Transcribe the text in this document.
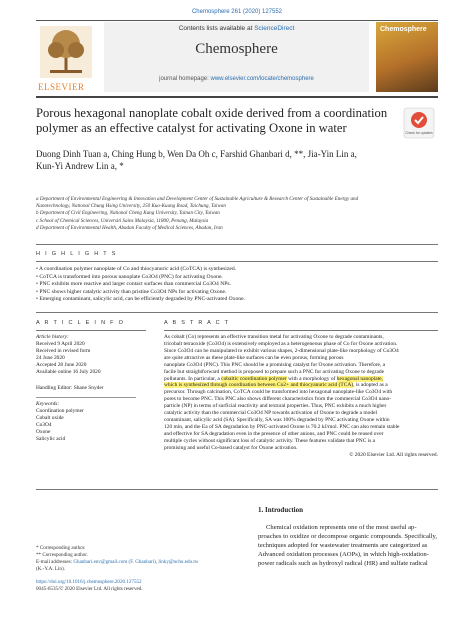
Chemosphere 261 (2020) 127552
ELSEVIER
Contents lists available at ScienceDirect
Chemosphere
journal homepage: www.elsevier.com/locate/chemosphere
Chemosphere
Porous hexagonal nanoplate cobalt oxide derived from a coordination
polymer as an effective catalyst for activating Oxone in water	Check for updates
Duong Dinh Tuan a, Ching Hung b, Wen Da Oh c, Farshid Ghanbari d, **, Jia-Yin Lin a,
Kun-Yi Andrew Lin a, *
a Department of Environmental Engineering & Innovation and Development Center of Sustainable Agriculture & Research Center of Sustainable Energy and
Nanotechnology, National Chung Hsing University, 250 Kuo-Kuang Road, Taichung, Taiwan
b Department of Civil Engineering, National Cheng Kung University, Tainan City, Taiwan
c School of Chemical Sciences, Universiti Sains Malaysia, 11800, Penang, Malaysia
d Department of Environmental Health, Abadan Faculty of Medical Sciences, Abadan, Iran
H I G H L I G H T S
• A coordination polymer nanoplate of Co and thiocyanuric acid (CoTCA) is synthesized.
• CoTCA is transformed into porous nanoplate Co3O4 (PNC) for activating Oxone.
• PNC exhibits more reactive and larger contact surfaces than commercial Co3O4 NPs.
• PNC shows higher catalytic activity than pristine Co3O4 NPs for activating Oxone.
• Emerging contaminant, salicylic acid, can be efficiently degraded by PNC-activated Oxone.
A R T I C L E I N F O	A B S T R A C T
Article history:
Received 9 April 2020
Received in revised form
24 June 2020
Accepted 28 June 2020
Available online 16 July 2020
Handling Editor: Shane Snyder
Keywords:
Coordination polymer
Cobalt oxide
Co3O4
Oxone
Salicylic acid
As cobalt (Co) represents an effective transition metal for activating Oxone to degrade contaminants,
tricobalt tetraoxide (Co3O4) is extensively employed as a heterogeneous phase of Co for Oxone activation.
Since Co3O4 can be manipulated to exhibit various shapes, 2-dimensional plate-like morphology of Co3O4
are quite attractive as these plate-like surfaces can be even porous, forming porous
nanoplate Co3O4 (PNC). This PNC should be a promising catalyst for Oxone activation. Therefore, a
facile but straightforward method is proposed to prepare such a PNC for activating Oxone to degrade
pollutants. In particular, a cobaltic coordination polymer with a morphology of hexagonal nanoplate,
which is synthesized through coordination between Co2+ and thiocyanuric acid (TCA), is adopted as a
precursor. Through calcination, CoTCA could be transformed into hexagonal nanoplate-like Co3O4 with
pores to become PNC. This PNC also shows different characteristics from the commercial Co3O4 nano-
particle (NP) in terms of surficial reactivity and textural properties. Thus, PNC exhibits a much higher
catalytic activity than the commercial Co3O4 NP towards activation of Oxone to degrade a model
contaminant, salicylic acid (SA). Specifically, SA was 100% degraded by PNC activating Oxone within
120 min, and the Ea of SA degradation by PNC-activated Oxone is 70.2 kJ/mol. PNC can also remain stable
and effective for SA degradation even in the presence of other anions, and PNC could be reused over
multiple cycles without significant loss of catalytic activity. These features validate that PNC is a
promising and useful Co-based catalyst for Oxone activation.
© 2020 Elsevier Ltd. All rights reserved.
1. Introduction
Chemical oxidation represents one of the most useful ap-
proaches to oxidize or decompose organic compounds. Specifically,
techniques adopted for wastewater treatments are categorized as
Advanced oxidation processes (AOPs), in which high-oxidation-
power radicals such as hydroxyl radical (HR) and sulfate radical
* Corresponding author.
** Corresponding author.
E-mail addresses: Ghanbari.env@gmail.com (F. Ghanbari), linky@nchu.edu.tw
(K.-Y.A. Lin).
https://doi.org/10.1016/j.chemosphere.2020.127552
0045-6535/© 2020 Elsevier Ltd. All rights reserved.
